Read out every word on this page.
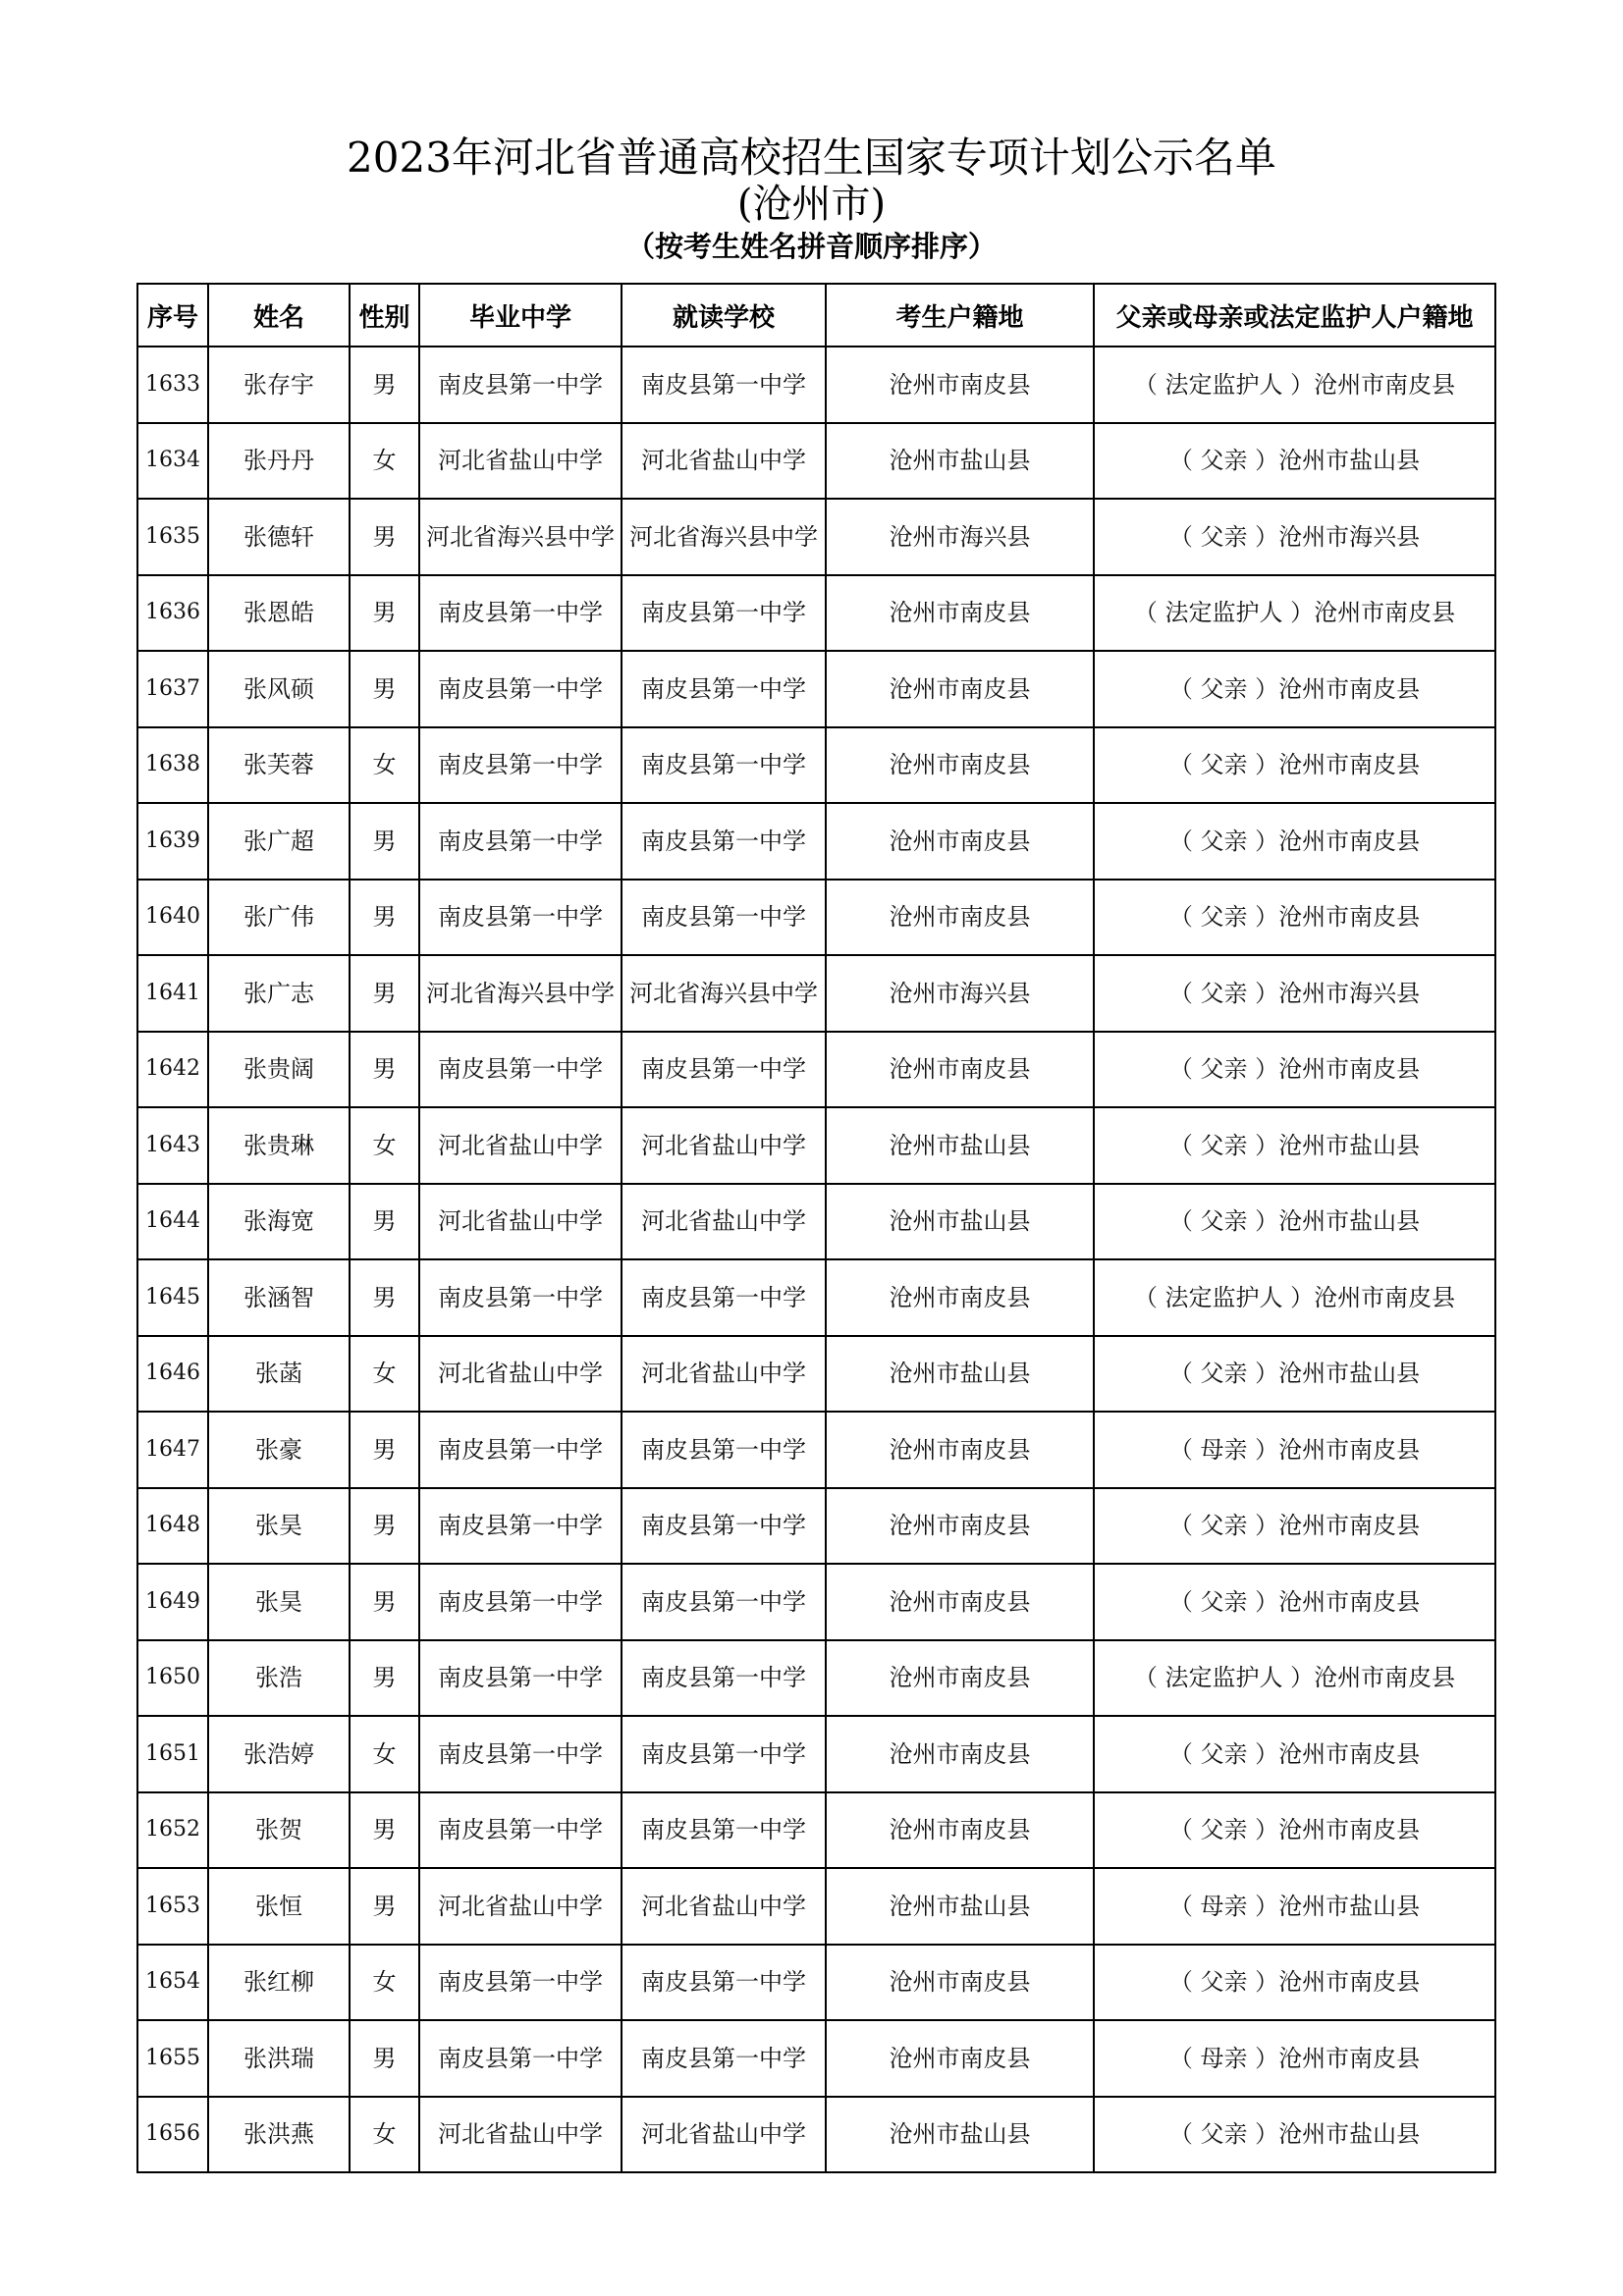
2023年河北省普通高校招生国家专项计划公示名单
(沧州市)
（按考生姓名拼音顺序排序）
序号	姓名	性别	毕业中学	就读学校	考生户籍地	父亲或母亲或法定监护人户籍地
1633	张存宇	男	南皮县第一中学	南皮县第一中学	沧州市南皮县	（ 法定监护人 ）沧州市南皮县
1634	张丹丹	女	河北省盐山中学	河北省盐山中学	沧州市盐山县	（ 父亲 ）沧州市盐山县
1635	张德轩	男	河北省海兴县中学	河北省海兴县中学	沧州市海兴县	（ 父亲 ）沧州市海兴县
1636	张恩皓	男	南皮县第一中学	南皮县第一中学	沧州市南皮县	（ 法定监护人 ）沧州市南皮县
1637	张风硕	男	南皮县第一中学	南皮县第一中学	沧州市南皮县	（ 父亲 ）沧州市南皮县
1638	张芙蓉	女	南皮县第一中学	南皮县第一中学	沧州市南皮县	（ 父亲 ）沧州市南皮县
1639	张广超	男	南皮县第一中学	南皮县第一中学	沧州市南皮县	（ 父亲 ）沧州市南皮县
1640	张广伟	男	南皮县第一中学	南皮县第一中学	沧州市南皮县	（ 父亲 ）沧州市南皮县
1641	张广志	男	河北省海兴县中学	河北省海兴县中学	沧州市海兴县	（ 父亲 ）沧州市海兴县
1642	张贵阔	男	南皮县第一中学	南皮县第一中学	沧州市南皮县	（ 父亲 ）沧州市南皮县
1643	张贵琳	女	河北省盐山中学	河北省盐山中学	沧州市盐山县	（ 父亲 ）沧州市盐山县
1644	张海宽	男	河北省盐山中学	河北省盐山中学	沧州市盐山县	（ 父亲 ）沧州市盐山县
1645	张涵智	男	南皮县第一中学	南皮县第一中学	沧州市南皮县	（ 法定监护人 ）沧州市南皮县
1646	张菡	女	河北省盐山中学	河北省盐山中学	沧州市盐山县	（ 父亲 ）沧州市盐山县
1647	张豪	男	南皮县第一中学	南皮县第一中学	沧州市南皮县	（ 母亲 ）沧州市南皮县
1648	张昊	男	南皮县第一中学	南皮县第一中学	沧州市南皮县	（ 父亲 ）沧州市南皮县
1649	张昊	男	南皮县第一中学	南皮县第一中学	沧州市南皮县	（ 父亲 ）沧州市南皮县
1650	张浩	男	南皮县第一中学	南皮县第一中学	沧州市南皮县	（ 法定监护人 ）沧州市南皮县
1651	张浩婷	女	南皮县第一中学	南皮县第一中学	沧州市南皮县	（ 父亲 ）沧州市南皮县
1652	张贺	男	南皮县第一中学	南皮县第一中学	沧州市南皮县	（ 父亲 ）沧州市南皮县
1653	张恒	男	河北省盐山中学	河北省盐山中学	沧州市盐山县	（ 母亲 ）沧州市盐山县
1654	张红柳	女	南皮县第一中学	南皮县第一中学	沧州市南皮县	（ 父亲 ）沧州市南皮县
1655	张洪瑞	男	南皮县第一中学	南皮县第一中学	沧州市南皮县	（ 母亲 ）沧州市南皮县
1656	张洪燕	女	河北省盐山中学	河北省盐山中学	沧州市盐山县	（ 父亲 ）沧州市盐山县
